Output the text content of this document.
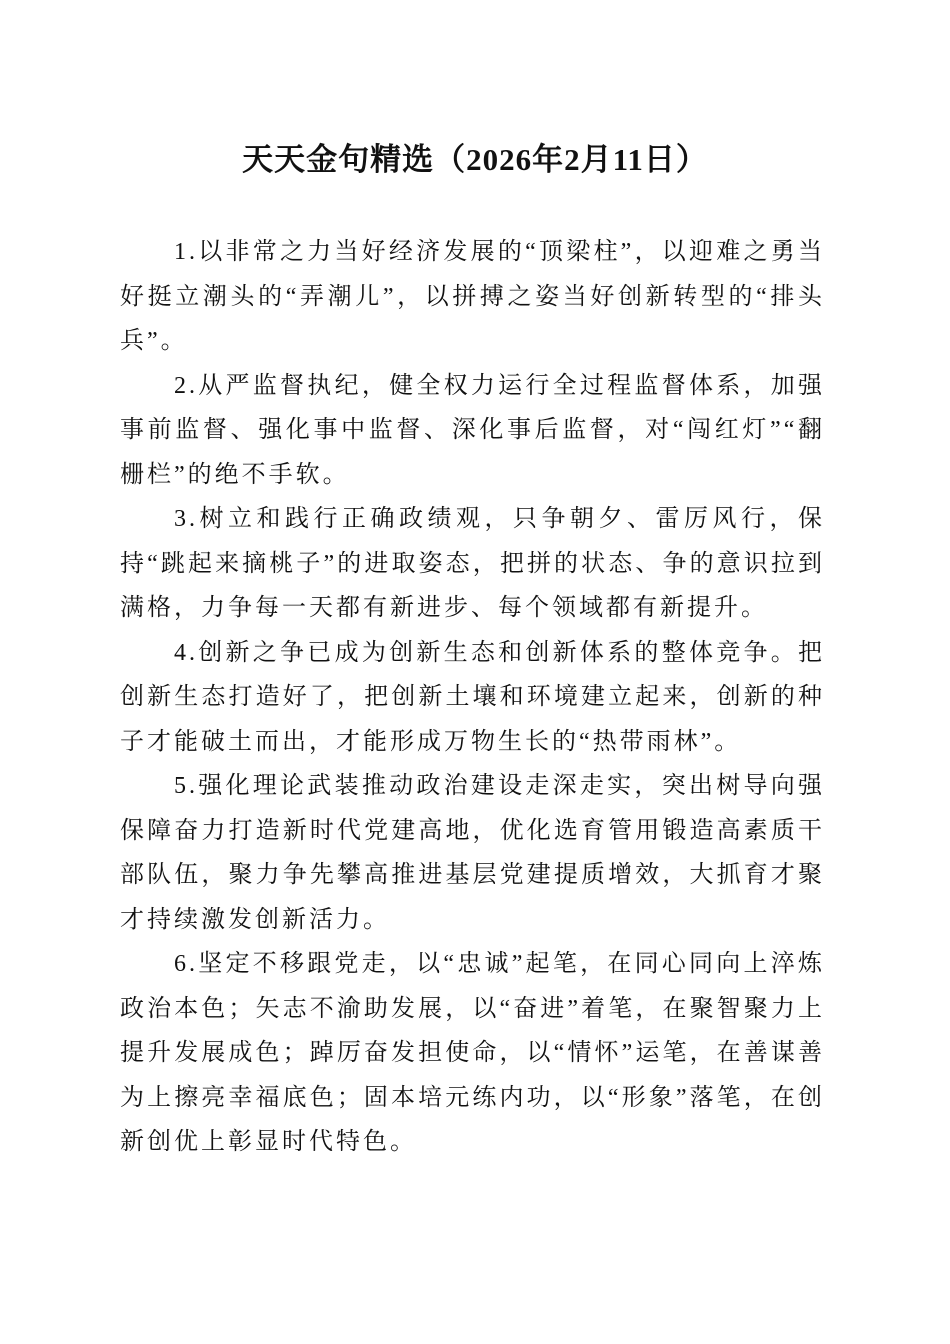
天天金句精选（2026年2月11日）

1.以非常之力当好经济发展的“顶梁柱”，以迎难之勇当好挺立潮头的“弄潮儿”，以拼搏之姿当好创新转型的“排头兵”。

2.从严监督执纪，健全权力运行全过程监督体系，加强事前监督、强化事中监督、深化事后监督，对“闯红灯”“翻栅栏”的绝不手软。

3.树立和践行正确政绩观，只争朝夕、雷厉风行，保持“跳起来摘桃子”的进取姿态，把拼的状态、争的意识拉到满格，力争每一天都有新进步、每个领域都有新提升。

4.创新之争已成为创新生态和创新体系的整体竞争。把创新生态打造好了，把创新土壤和环境建立起来，创新的种子才能破土而出，才能形成万物生长的“热带雨林”。

5.强化理论武装推动政治建设走深走实，突出树导向强保障奋力打造新时代党建高地，优化选育管用锻造高素质干部队伍，聚力争先攀高推进基层党建提质增效，大抓育才聚才持续激发创新活力。

6.坚定不移跟党走，以“忠诚”起笔，在同心同向上淬炼政治本色；矢志不渝助发展，以“奋进”着笔，在聚智聚力上提升发展成色；踔厉奋发担使命，以“情怀”运笔，在善谋善为上擦亮幸福底色；固本培元练内功，以“形象”落笔，在创新创优上彰显时代特色。
